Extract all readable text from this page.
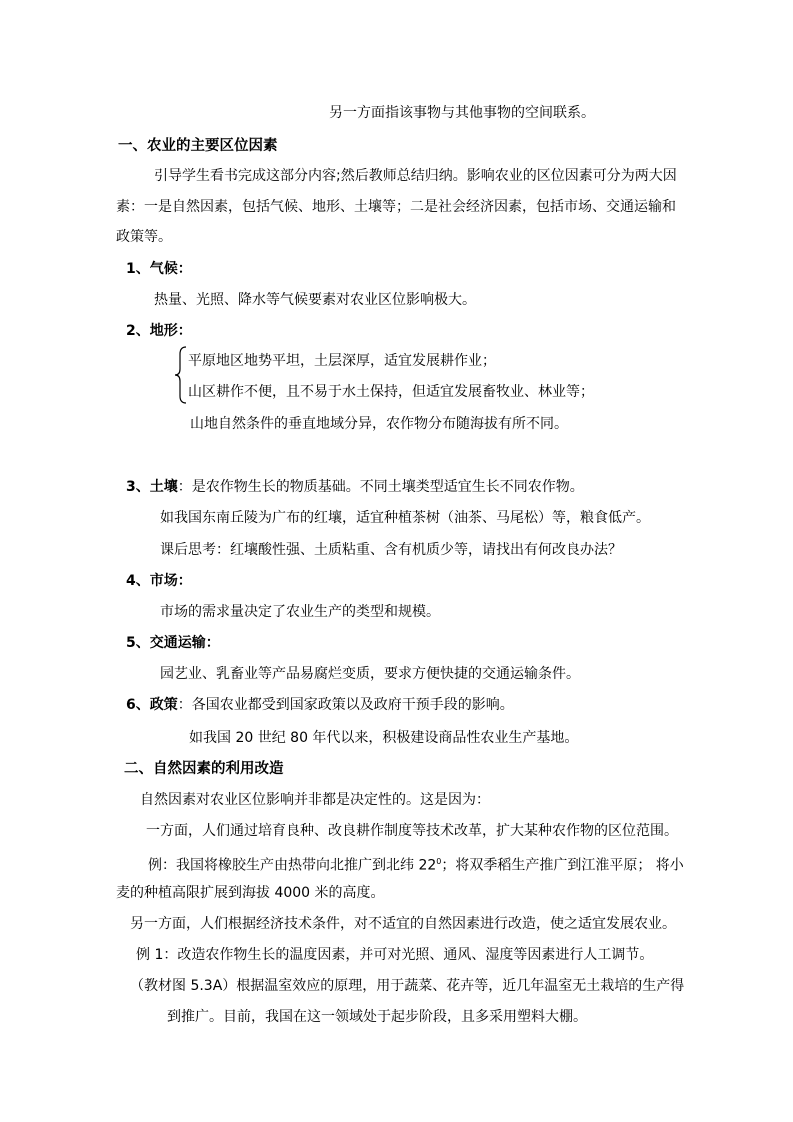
另一方面指该事物与其他事物的空间联系。
一、农业的主要区位因素
引导学生看书完成这部分内容;然后教师总结归纳。影响农业的区位因素可分为两大因
素：一是自然因素，包括气候、地形、土壤等；二是社会经济因素，包括市场、交通运输和
政策等。
1、气候：
热量、光照、降水等气候要素对农业区位影响极大。
2、地形：
平原地区地势平坦，土层深厚，适宜发展耕作业；
山区耕作不便，且不易于水土保持，但适宜发展畜牧业、林业等；
山地自然条件的垂直地域分异，农作物分布随海拔有所不同。
3、土壤：是农作物生长的物质基础。不同土壤类型适宜生长不同农作物。
如我国东南丘陵为广布的红壤，适宜种植茶树（油茶、马尾松）等，粮食低产。
课后思考：红壤酸性强、土质粘重、含有机质少等，请找出有何改良办法？
4、市场：
市场的需求量决定了农业生产的类型和规模。
5、交通运输：
园艺业、乳畜业等产品易腐烂变质，要求方便快捷的交通运输条件。
6、政策：各国农业都受到国家政策以及政府干预手段的影响。
如我国 20 世纪 80 年代以来，积极建设商品性农业生产基地。
二、自然因素的利用改造
自然因素对农业区位影响并非都是决定性的。这是因为：
一方面，人们通过培育良种、改良耕作制度等技术改革，扩大某种农作物的区位范围。
例：我国将橡胶生产由热带向北推广到北纬 $22^0$；将双季稻生产推广到江淮平原； 将小
麦的种植高限扩展到海拔 4000 米的高度。
另一方面，人们根据经济技术条件，对不适宜的自然因素进行改造，使之适宜发展农业。
例 1：改造农作物生长的温度因素，并可对光照、通风、湿度等因素进行人工调节。
（教材图 5.3A）根据温室效应的原理，用于蔬菜、花卉等，近几年温室无土栽培的生产得
到推广。目前，我国在这一领域处于起步阶段，且多采用塑料大棚。
